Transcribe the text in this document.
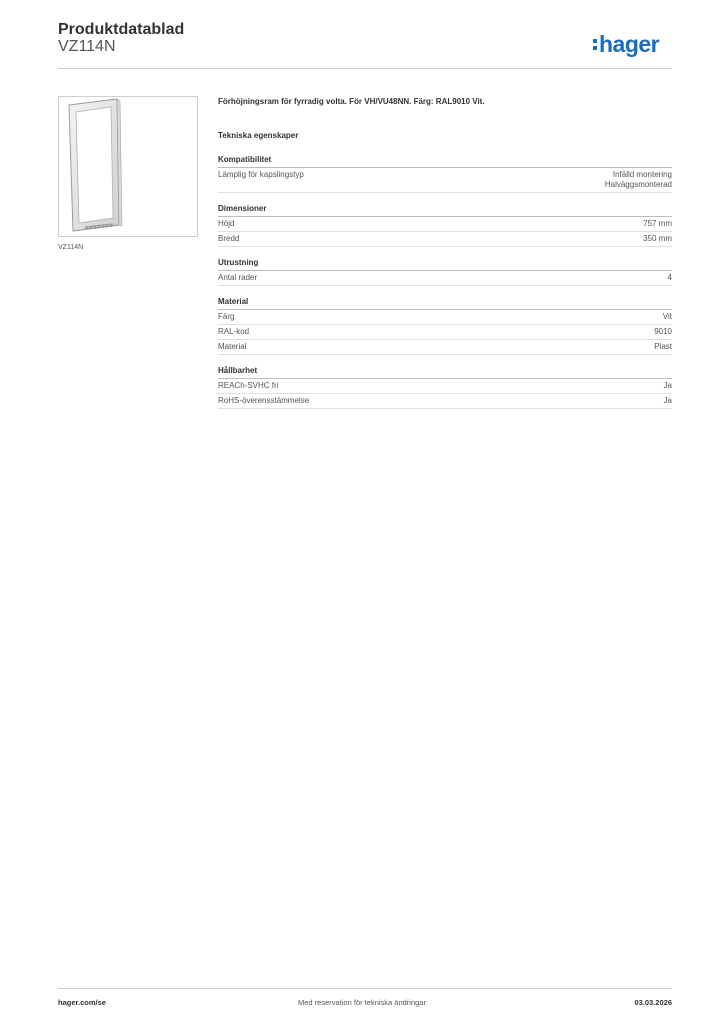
Produktdatablad
VZ114N	hager
VZ114N
Förhöjningsram för fyrradig volta. För VH/VU48NN. Färg: RAL9010 Vit.
Tekniska egenskaper
Kompatibilitet
Lämplig för kapslingstyp	Infälld montering
Halväggsmonterad
Dimensioner
Höjd	757 mm
Bredd	350 mm
Utrustning
Antal rader	4
Material
Färg	Vit
RAL-kod	9010
Material	Plast
Hållbarhet
REACh-SVHC fri	Ja
RoHS-överensstämmelse	Ja
hager.com/se	Med reservation för tekniska ändringar	03.03.2026
